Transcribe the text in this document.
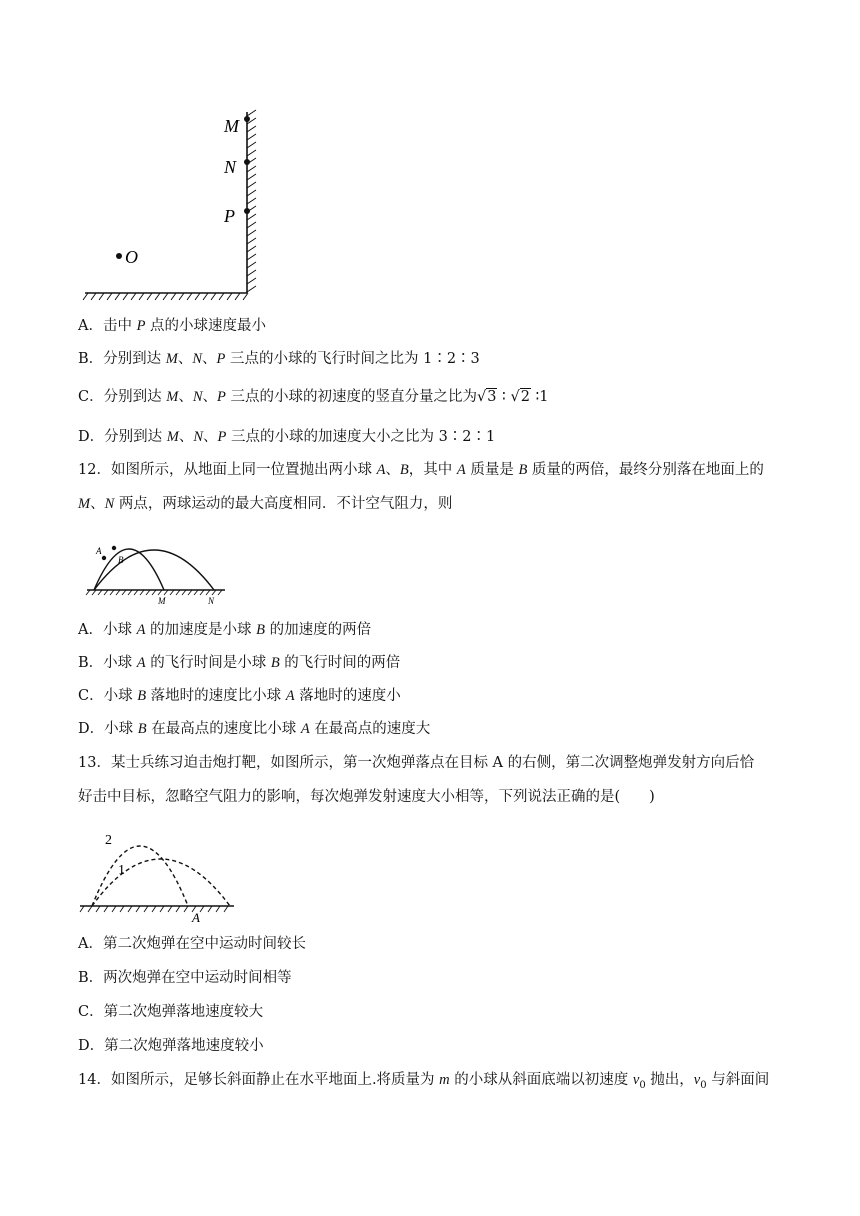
M
N
P
O
A．击中 P 点的小球速度最小
B．分别到达 M、N、P 三点的小球的飞行时间之比为 1∶2∶3
C．分别到达 M、N、P 三点的小球的初速度的竖直分量之比为√3 ∶ √2 ∶1
D．分别到达 M、N、P 三点的小球的加速度大小之比为 3∶2∶1
12．如图所示，从地面上同一位置抛出两小球 A、B，其中 A 质量是 B 质量的两倍，最终分别落在地面上的
M、N 两点，两球运动的最大高度相同．不计空气阻力，则
A
B
M	N
A．小球 A 的加速度是小球 B 的加速度的两倍
B．小球 A 的飞行时间是小球 B 的飞行时间的两倍
C．小球 B 落地时的速度比小球 A 落地时的速度小
D．小球 B 在最高点的速度比小球 A 在最高点的速度大
13．某士兵练习迫击炮打靶，如图所示，第一次炮弹落点在目标 A 的右侧，第二次调整炮弹发射方向后恰
好击中目标，忽略空气阻力的影响，每次炮弹发射速度大小相等，下列说法正确的是(　　)
2
1
A
A．第二次炮弹在空中运动时间较长
B．两次炮弹在空中运动时间相等
C．第二次炮弹落地速度较大
D．第二次炮弹落地速度较小
14．如图所示，足够长斜面静止在水平地面上.将质量为 m 的小球从斜面底端以初速度 $v_0$ 抛出，$v_0$ 与斜面间
